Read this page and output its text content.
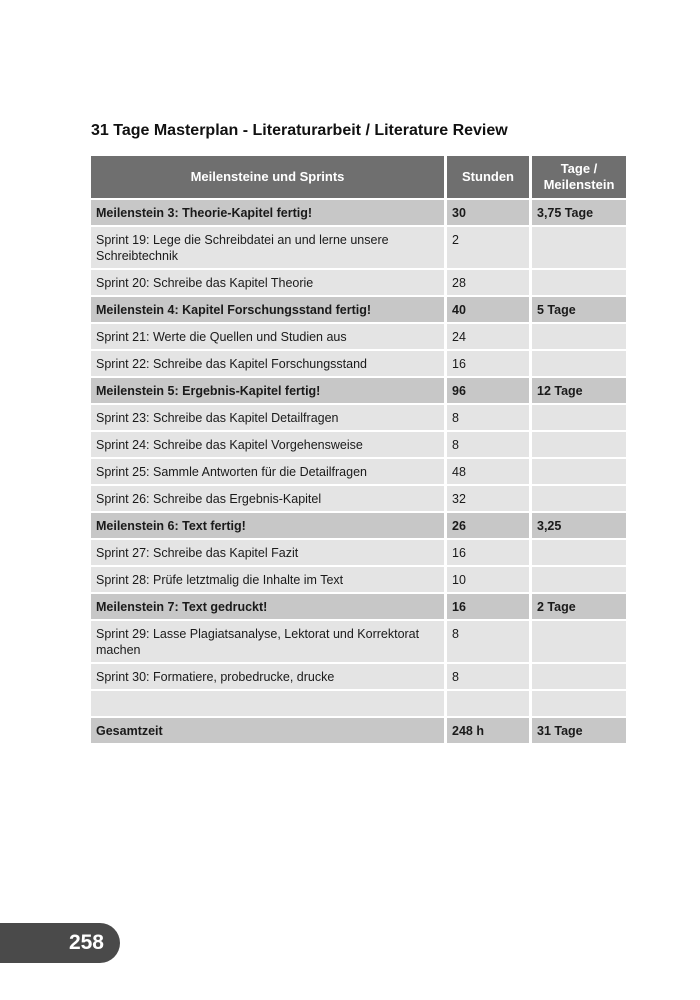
31 Tage Masterplan - Literaturarbeit / Literature Review
Meilensteine und Sprints	Stunden	Tage / Meilenstein
Meilenstein 3: Theorie-Kapitel fertig!	30	3,75 Tage
Sprint 19: Lege die Schreibdatei an und lerne unsere Schreibtechnik	2	
Sprint 20: Schreibe das Kapitel Theorie	28	
Meilenstein 4: Kapitel Forschungsstand fertig!	40	5 Tage
Sprint 21: Werte die Quellen und Studien aus	24	
Sprint 22: Schreibe das Kapitel Forschungsstand	16	
Meilenstein 5: Ergebnis-Kapitel fertig!	96	12 Tage
Sprint 23: Schreibe das Kapitel Detailfragen	8	
Sprint 24: Schreibe das Kapitel Vorgehensweise	8	
Sprint 25: Sammle Antworten für die Detailfragen	48	
Sprint 26: Schreibe das Ergebnis-Kapitel	32	
Meilenstein 6: Text fertig!	26	3,25
Sprint 27: Schreibe das Kapitel Fazit	16	
Sprint 28: Prüfe letztmalig die Inhalte im Text	10	
Meilenstein 7: Text gedruckt!	16	2 Tage
Sprint 29: Lasse Plagiatsanalyse, Lektorat und Korrektorat machen	8	
Sprint 30: Formatiere, probedrucke, drucke	8	

Gesamtzeit	248 h	31 Tage
258
